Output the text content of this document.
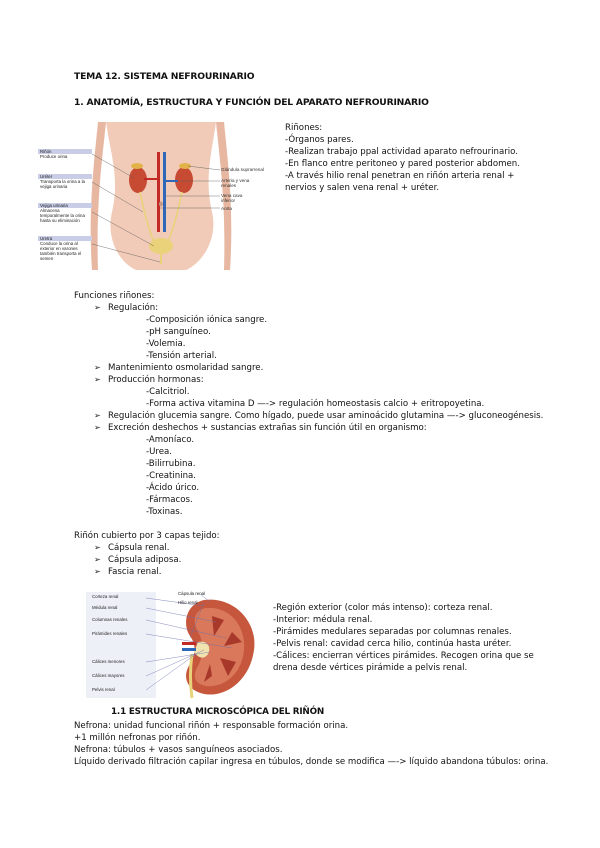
TEMA 12. SISTEMA NEFROURINARIO
1. ANATOMÍA, ESTRUCTURA Y FUNCIÓN DEL APARATO NEFROURINARIO
Riñón
Produce orina
Uréter
Transporta la orina a la vejiga urinaria
Vejiga urinaria
Almacena temporalmente la orina hasta su eliminación
Uretra
Conduce la orina al exterior en varones también transporta el semen
Glándula suprarrenal
Arteria y vena renales
Vena cava inferior
Aorta
Riñones:
-Órganos pares.
-Realizan trabajo ppal actividad aparato nefrourinario.
-En flanco entre peritoneo y pared posterior abdomen.
-A través hilio renal penetran en riñón arteria renal +
nervios y salen vena renal + uréter.
Funciones riñones:
➢ Regulación:
-Composición iónica sangre.
-pH sanguíneo.
-Volemia.
-Tensión arterial.
➢ Mantenimiento osmolaridad sangre.
➢ Producción hormonas:
-Calcitriol.
-Forma activa vitamina D —-> regulación homeostasis calcio + eritropoyetina.
➢ Regulación glucemia sangre. Como hígado, puede usar aminoácido glutamina —-> gluconeogénesis.
➢ Excreción deshechos + sustancias extrañas sin función útil en organismo:
-Amoníaco.
-Urea.
-Bilirrubina.
-Creatinina.
-Ácido úrico.
-Fármacos.
-Toxinas.
Riñón cubierto por 3 capas tejido:
➢ Cápsula renal.
➢ Cápsula adiposa.
➢ Fascia renal.
Corteza renal
Médula renal
Columnas renales
Pirámides renales
Cálices menores
Cálices mayores
Pelvis renal
Cápsula renal
Hilio renal
-Región exterior (color más intenso): corteza renal.
-Interior: médula renal.
-Pirámides medulares separadas por columnas renales.
-Pelvis renal: cavidad cerca hilio, continúa hasta uréter.
-Cálices: encierran vértices pirámides. Recogen orina que se
drena desde vértices pirámide a pelvis renal.
1.1 ESTRUCTURA MICROSCÓPICA DEL RIÑÓN
Nefrona: unidad funcional riñón + responsable formación orina.
+1 millón nefronas por riñón.
Nefrona: túbulos + vasos sanguíneos asociados.
Líquido derivado filtración capilar ingresa en túbulos, donde se modifica —-> líquido abandona túbulos: orina.
